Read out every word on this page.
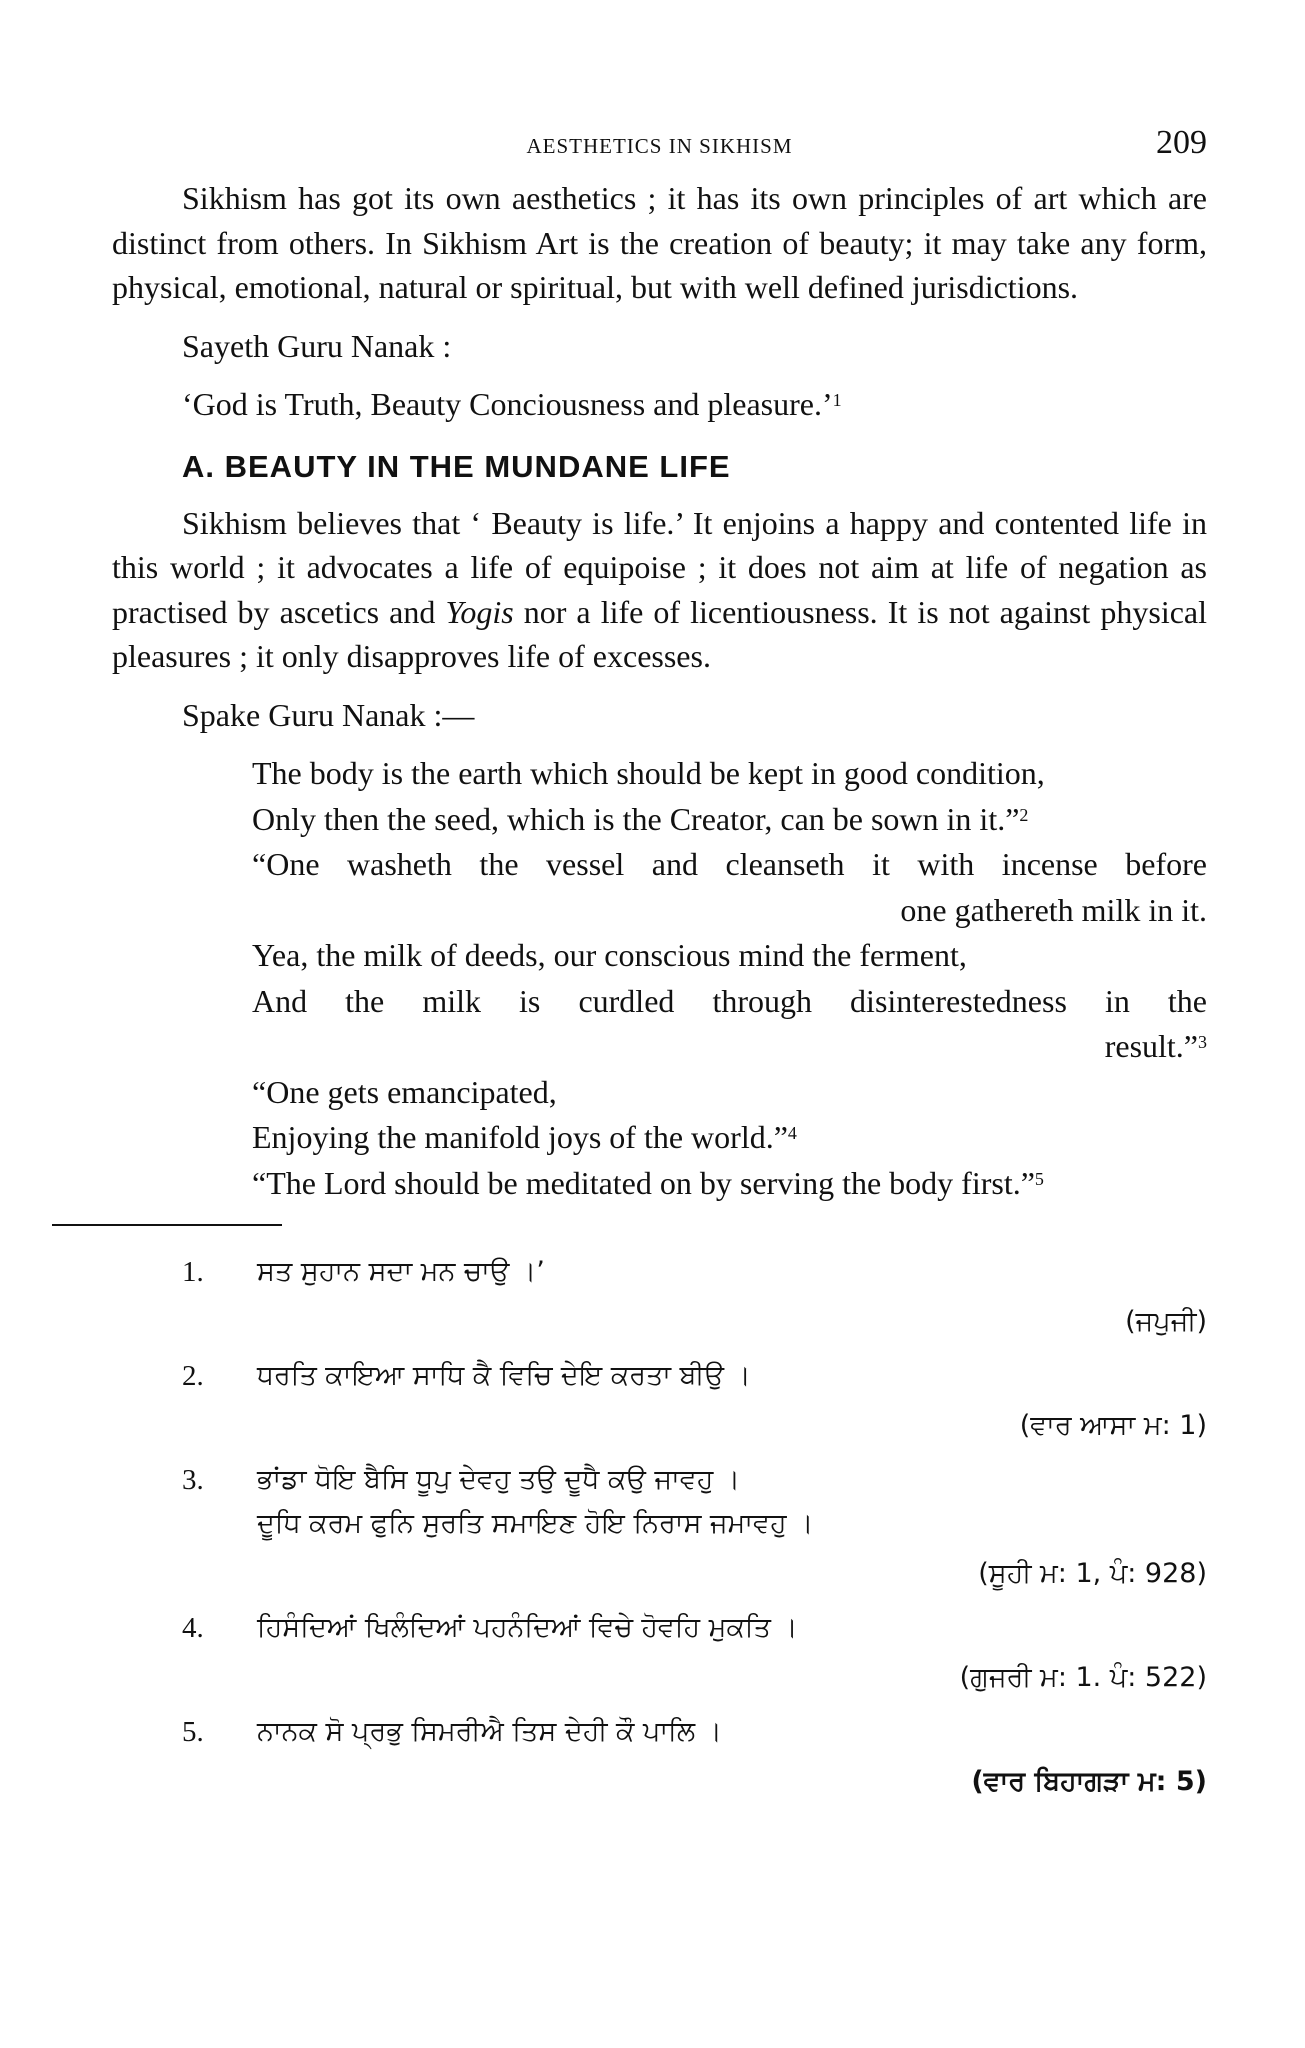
AESTHETICS IN SIKHISM	209

Sikhism has got its own aesthetics ; it has its own principles of art which are distinct from others. In Sikhism Art is the creation of beauty; it may take any form, physical, emotional, natural or spiritual, but with well defined jurisdictions.

Sayeth Guru Nanak :

‘God is Truth, Beauty Conciousness and pleasure.’$^1$

A. BEAUTY IN THE MUNDANE LIFE

Sikhism believes that ‘ Beauty is life.’ It enjoins a happy and contented life in this world ; it advocates a life of equipoise ; it does not aim at life of negation as practised by ascetics and Yogis nor a life of licentiousness. It is not against physical pleasures ; it only disapproves life of excesses.

Spake Guru Nanak :—

The body is the earth which should be kept in good condition,
Only then the seed, which is the Creator, can be sown in it.”$^2$
“One washeth the vessel and cleanseth it with incense before
one gathereth milk in it.
Yea, the milk of deeds, our conscious mind the ferment,
And the milk is curdled through disinterestedness in the
result.”$^3$
“One gets emancipated,
Enjoying the manifold joys of the world.”$^4$
“The Lord should be meditated on by serving the body first.”$^5$
1. ਸਤ ਸੁਹਾਨ ਸਦਾ ਮਨ ਚਾਉ ।’
(ਜਪੁਜੀ)
2. ਧਰਤਿ ਕਾਇਆ ਸਾਧਿ ਕੈ ਵਿਚਿ ਦੇਇ ਕਰਤਾ ਬੀਉ ।
(ਵਾਰ ਆਸਾ ਮ: 1)
3. ਭਾਂਡਾ ਧੋਇ ਬੈਸਿ ਧੂਪੁ ਦੇਵਹੁ ਤਉ ਦੂਧੈ ਕਉ ਜਾਵਹੁ ।
ਦੂਧਿ ਕਰਮ ਫੁਨਿ ਸੁਰਤਿ ਸਮਾਇਣ ਹੋਇ ਨਿਰਾਸ ਜਮਾਵਹੁ ।
(ਸੂਹੀ ਮ: 1, ਪੰ: 928)
4. ਹਿਸੰਦਿਆਂ ਖਿਲੰਦਿਆਂ ਪਹਨੰਦਿਆਂ ਵਿਚੇ ਹੋਵਹਿ ਮੁਕਤਿ ।
(ਗੁਜਰੀ ਮ: 1. ਪੰ: 522)
5. ਨਾਨਕ ਸੋ ਪ੍ਰਭੁ ਸਿਮਰੀਐ ਤਿਸ ਦੇਹੀ ਕੌ ਪਾਲਿ ।
(ਵਾਰ ਬਿਹਾਗੜਾ ਮ: 5)
